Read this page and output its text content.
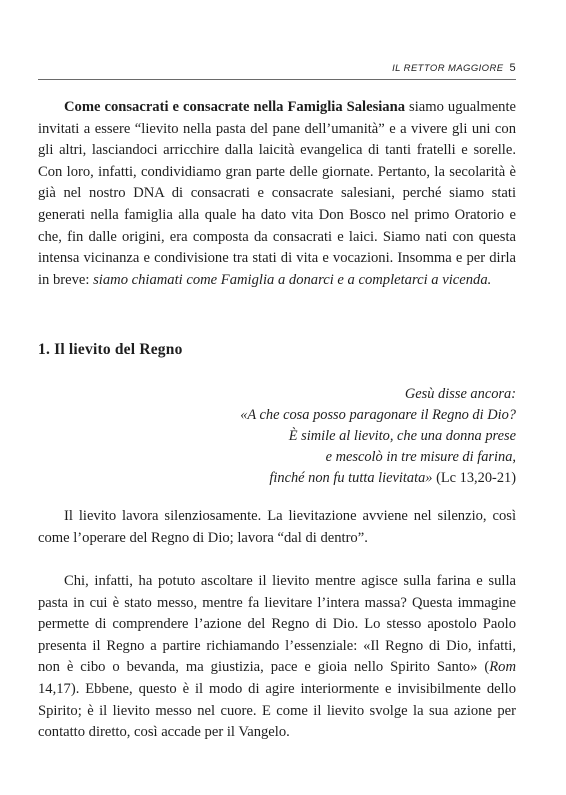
IL RETTOR MAGGIORE 5

Come consacrati e consacrate nella Famiglia Salesiana siamo ugualmente invitati a essere “lievito nella pasta del pane dell’umanità” e a vivere gli uni con gli altri, lasciandoci arricchire dalla laicità evangelica di tanti fratelli e sorelle. Con loro, infatti, condividiamo gran parte delle giornate. Pertanto, la secolarità è già nel nostro DNA di consacrati e consacrate salesiani, perché siamo stati generati nella famiglia alla quale ha dato vita Don Bosco nel primo Oratorio e che, fin dalle origini, era composta da consacrati e laici. Siamo nati con questa intensa vicinanza e condivisione tra stati di vita e vocazioni. Insomma e per dirla in breve: siamo chiamati come Famiglia a donarci e a completarci a vicenda.

1. Il lievito del Regno
Gesù disse ancora:
«A che cosa posso paragonare il Regno di Dio?
È simile al lievito, che una donna prese
e mescolò in tre misure di farina,
finché non fu tutta lievitata» (Lc 13,20-21)

Il lievito lavora silenziosamente. La lievitazione avviene nel silenzio, così come l’operare del Regno di Dio; lavora “dal di dentro”.

Chi, infatti, ha potuto ascoltare il lievito mentre agisce sulla farina e sulla pasta in cui è stato messo, mentre fa lievitare l’intera massa? Questa immagine permette di comprendere l’azione del Regno di Dio. Lo stesso apostolo Paolo presenta il Regno a partire richiamando l’essenziale: «Il Regno di Dio, infatti, non è cibo o bevanda, ma giustizia, pace e gioia nello Spirito Santo» (Rom 14,17). Ebbene, questo è il modo di agire interiormente e invisibilmente dello Spirito; è il lievito messo nel cuore. E come il lievito svolge la sua azione per contatto diretto, così accade per il Vangelo.
